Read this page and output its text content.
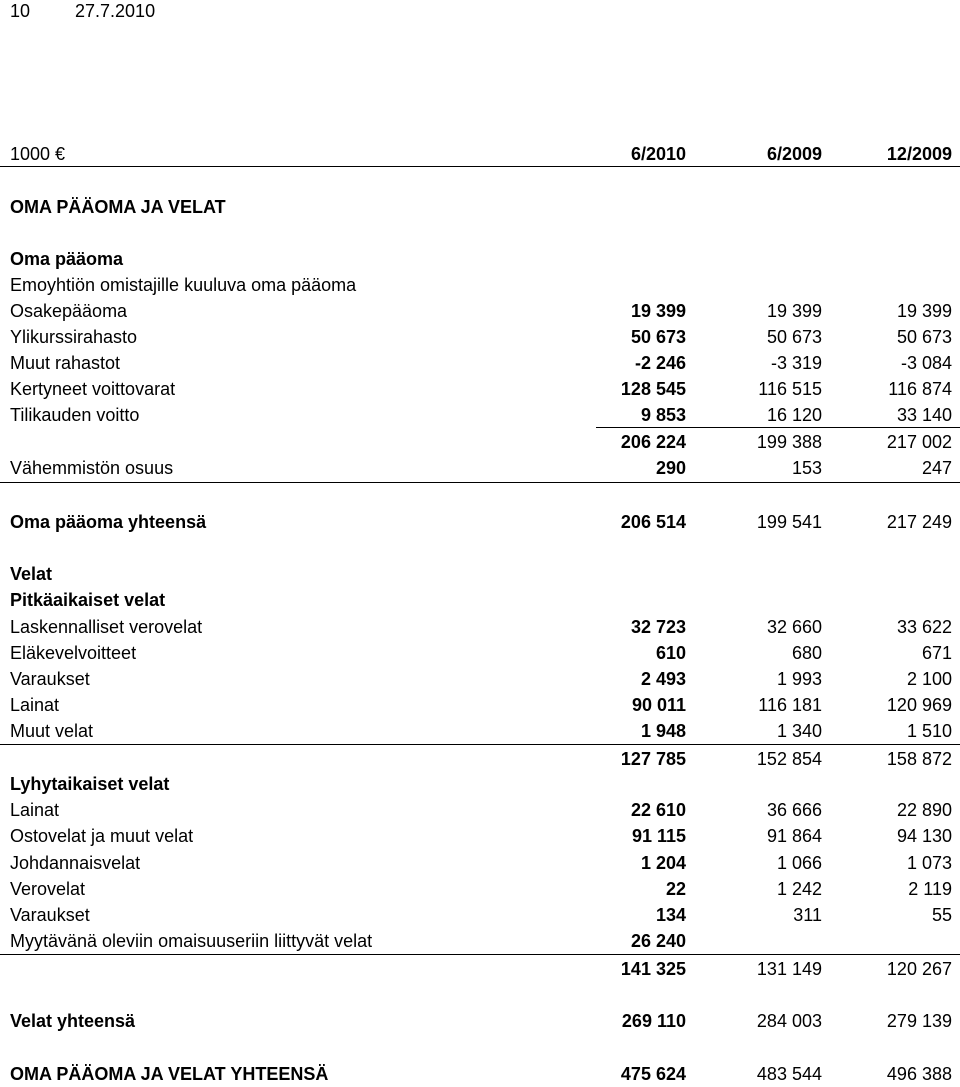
10 27.7.2010
1000 €	6/2010	6/2009	12/2009
OMA PÄÄOMA JA VELAT
Oma pääoma
Emoyhtiön omistajille kuuluva oma pääoma
Osakepääoma	19 399	19 399	19 399
Ylikurssirahasto	50 673	50 673	50 673
Muut rahastot	-2 246	-3 319	-3 084
Kertyneet voittovarat	128 545	116 515	116 874
Tilikauden voitto	9 853	16 120	33 140
206 224	199 388	217 002
Vähemmistön osuus	290	153	247
Oma pääoma yhteensä	206 514	199 541	217 249
Velat
Pitkäaikaiset velat
Laskennalliset verovelat	32 723	32 660	33 622
Eläkevelvoitteet	610	680	671
Varaukset	2 493	1 993	2 100
Lainat	90 011	116 181	120 969
Muut velat	1 948	1 340	1 510
127 785	152 854	158 872
Lyhytaikaiset velat
Lainat	22 610	36 666	22 890
Ostovelat ja muut velat	91 115	91 864	94 130
Johdannaisvelat	1 204	1 066	1 073
Verovelat	22	1 242	2 119
Varaukset	134	311	55
Myytävänä oleviin omaisuuseriin liittyvät velat	26 240
141 325	131 149	120 267
Velat yhteensä	269 110	284 003	279 139
OMA PÄÄOMA JA VELAT YHTEENSÄ	475 624	483 544	496 388
